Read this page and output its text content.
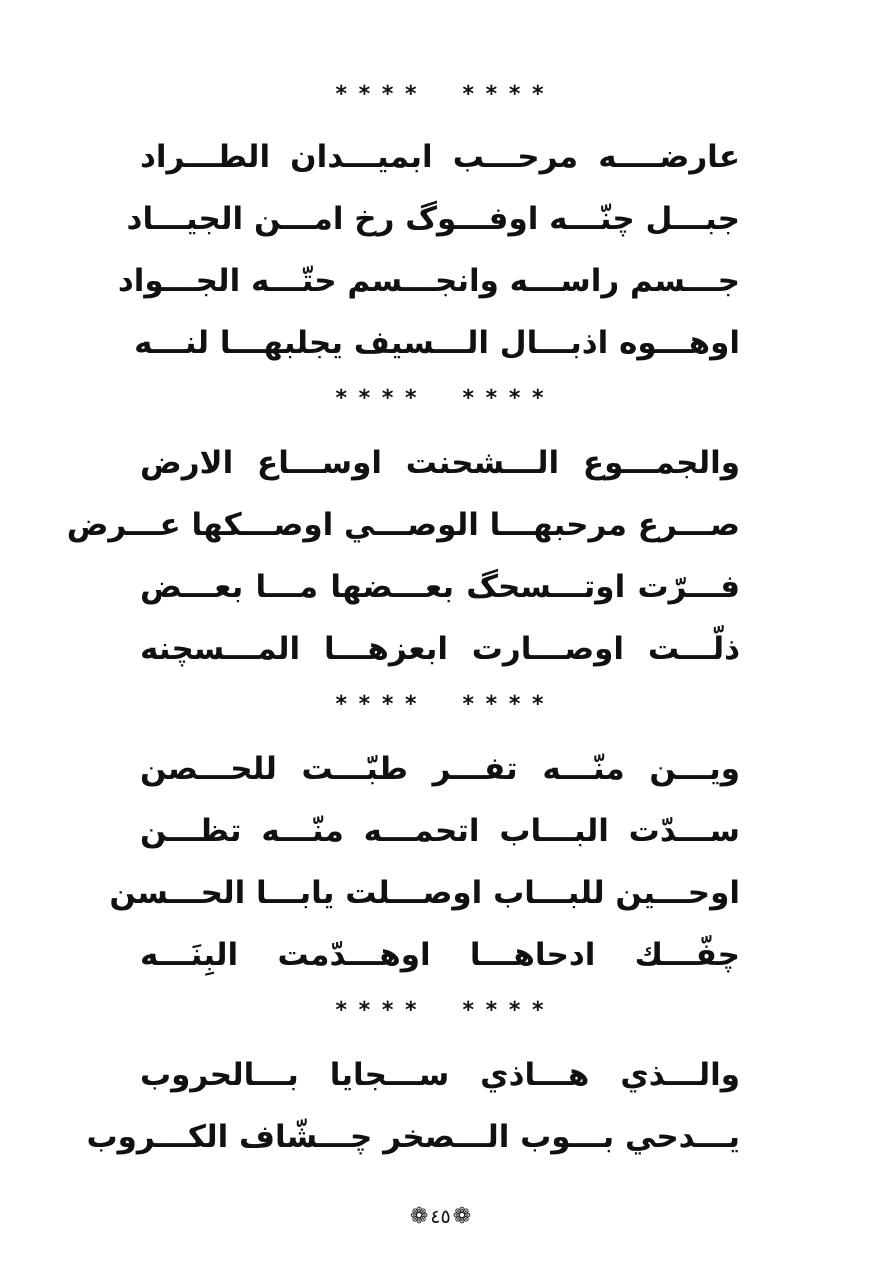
* * * * * * * *
عارضــــه مرحـــب ابميـــدان الطـــراد
جبـــل چنّـــه اوفـــوگ رخ امـــن الجيـــاد
جـــسم راســـه وانجـــسم حتّـــه الجـــواد
اوهـــوه اذبـــال الـــسيف يجلبهـــا لنـــه
* * * * * * * *
والجمـــوع الـــشحنت اوســـاع الارض
صـــرع مرحبهـــا الوصـــي اوصـــكها عـــرض
فـــرّت اوتـــسحگ بعـــضها مـــا بعـــض
ذلّـــت اوصـــارت ابعزهـــا المـــسچنه
* * * * * * * *
ويـــن منّـــه تفـــر طبّـــت للحـــصن
ســـدّت البـــاب اتحمـــه منّـــه تظـــن
اوحـــين للبـــاب اوصـــلت يابـــا الحـــسن
چفّـــك ادحاهـــا اوهـــدّمت البِنَـــه
* * * * * * * *
والـــذي هـــاذي ســـجايا بـــالحروب
يـــدحي بـــوب الـــصخر چـــشّاف الكـــروب
❁ ٤٥❁
